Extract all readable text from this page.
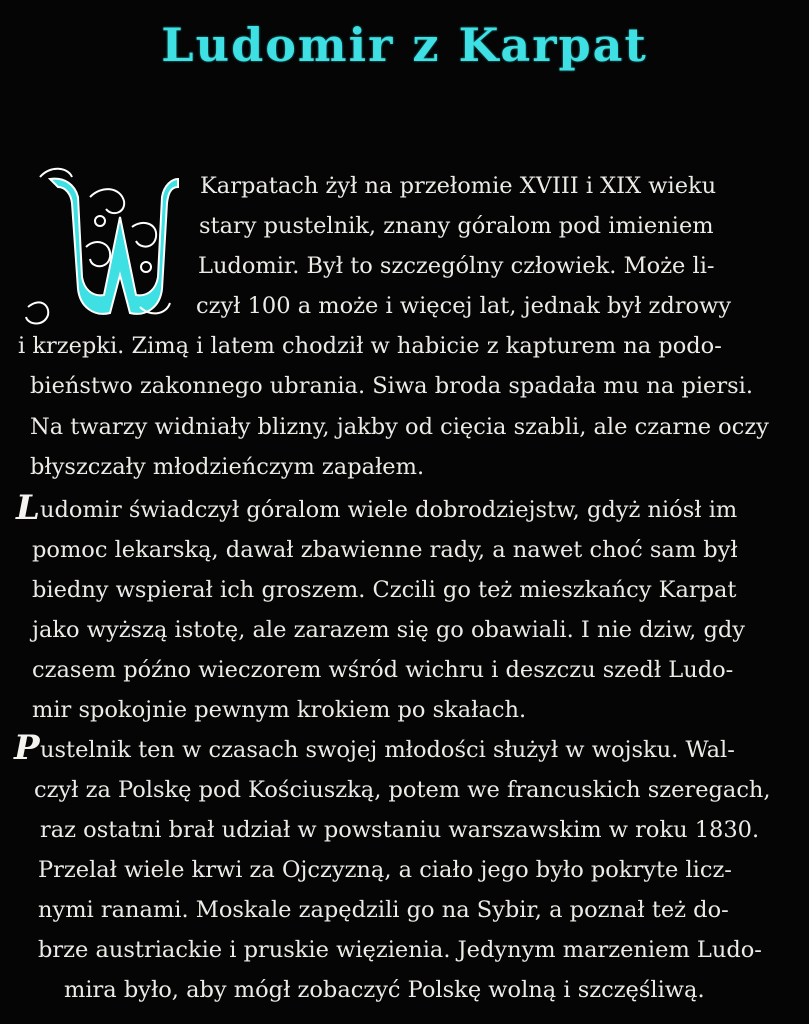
Ludomir z Karpat
Karpatach żył na przełomie XVIII i XIX wieku
stary pustelnik, znany góralom pod imieniem
Ludomir. Był to szczególny człowiek. Może li-
czył 100 a może i więcej lat, jednak był zdrowy
i krzepki. Zimą i latem chodził w habicie z kapturem na podo-
bieństwo zakonnego ubrania. Siwa broda spadała mu na piersi.
Na twarzy widniały blizny, jakby od cięcia szabli, ale czarne oczy
błyszczały młodzieńczym zapałem.
L udomir świadczył góralom wiele dobrodziejstw, gdyż niósł im
pomoc lekarską, dawał zbawienne rady, a nawet choć sam był
biedny wspierał ich groszem. Czcili go też mieszkańcy Karpat
jako wyższą istotę, ale zarazem się go obawiali. I nie dziw, gdy
czasem późno wieczorem wśród wichru i deszczu szedł Ludo-
mir spokojnie pewnym krokiem po skałach.
P ustelnik ten w czasach swojej młodości służył w wojsku. Wal-
czył za Polskę pod Kościuszką, potem we francuskich szeregach,
raz ostatni brał udział w powstaniu warszawskim w roku 1830.
Przelał wiele krwi za Ojczyzną, a ciało jego było pokryte licz-
nymi ranami. Moskale zapędzili go na Sybir, a poznał też do-
brze austriackie i pruskie więzienia. Jedynym marzeniem Ludo-
mira było, aby mógł zobaczyć Polskę wolną i szczęśliwą.
